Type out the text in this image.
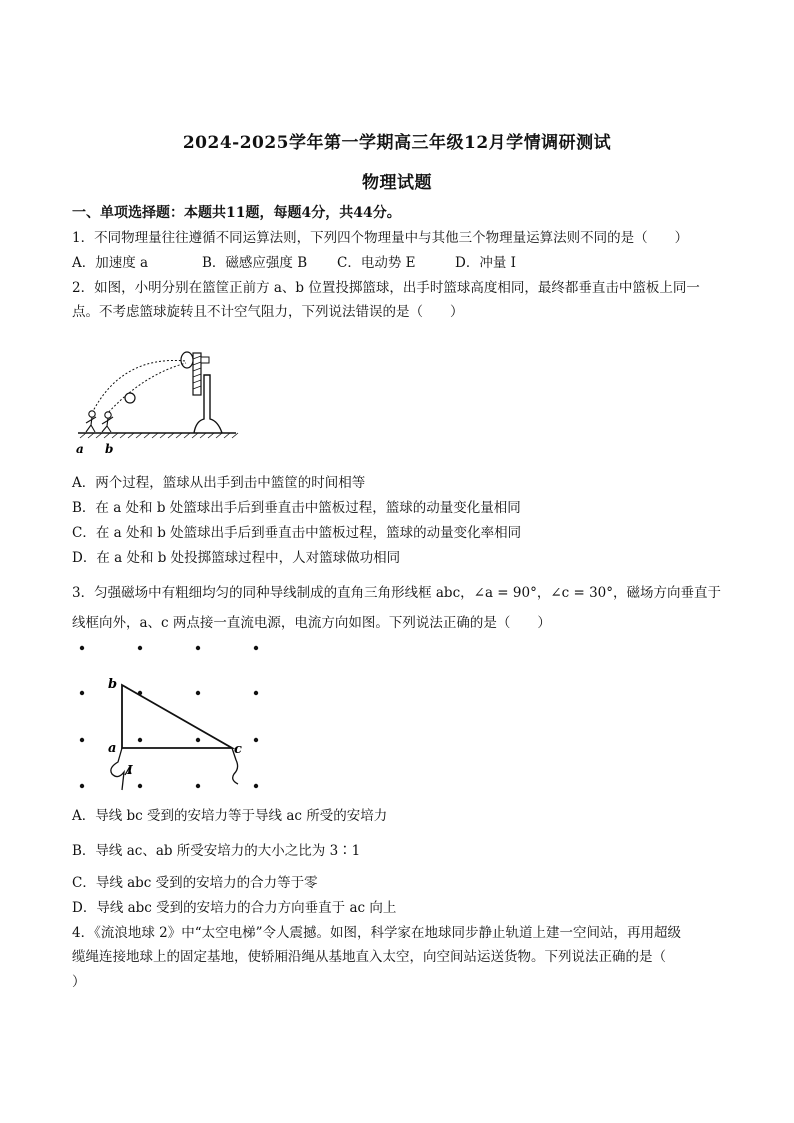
2024-2025学年第一学期高三年级12月学情调研测试
物理试题
一、单项选择题：本题共11题，每题4分，共44分。
1．不同物理量往往遵循不同运算法则，下列四个物理量中与其他三个物理量运算法则不同的是（　　）
A．加速度 a	B．磁感应强度 B C．电动势 E	D．冲量 I
2．如图，小明分别在篮筐正前方 a、b 位置投掷篮球，出手时篮球高度相同，最终都垂直击中篮板上同一
点。不考虑篮球旋转且不计空气阻力，下列说法错误的是（　　）
a b
A．两个过程，篮球从出手到击中篮筐的时间相等
B．在 a 处和 b 处篮球出手后到垂直击中篮板过程，篮球的动量变化量相同
C．在 a 处和 b 处篮球出手后到垂直击中篮板过程，篮球的动量变化率相同
D．在 a 处和 b 处投掷篮球过程中，人对篮球做功相同
3．匀强磁场中有粗细均匀的同种导线制成的直角三角形线框 abc，∠a = 90°，∠c = 30°，磁场方向垂直于
线框向外，a、c 两点接一直流电源，电流方向如图。下列说法正确的是（　　）
b
a	c
I
A．导线 bc 受到的安培力等于导线 ac 所受的安培力
B．导线 ac、ab 所受安培力的大小之比为 3∶1
C．导线 abc 受到的安培力的合力等于零
D．导线 abc 受到的安培力的合力方向垂直于 ac 向上
4．《流浪地球 2》中“太空电梯”令人震撼。如图，科学家在地球同步静止轨道上建一空间站，再用超级
缆绳连接地球上的固定基地，使轿厢沿绳从基地直入太空，向空间站运送货物。下列说法正确的是（
）
